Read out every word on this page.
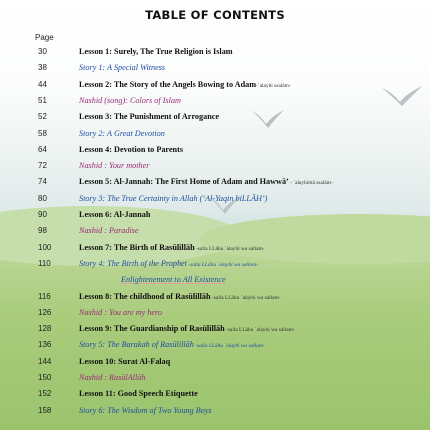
TABLE OF CONTENTS
Page
30	Lesson 1: Surely, The True Religion is Islam
38	Story 1: A Special Witness
44	Lesson 2: The Story of the Angels Bowing to Adam-`alayhi ssalām-
51	Nashid (song): Colors of Islam
52	Lesson 3: The Punishment of Arrogance
58	Story 2: A Great Devotion
64	Lesson 4: Devotion to Parents
72	Nashid : Your mother
74	Lesson 5: Al-Jannah: The First Home of Adam and Hawwā’ - `alayhimā ssalām-
80	Story 3: The True Certainty in Allah (‘Al-Yaqin biLLĀH’)
90	Lesson 6: Al-Jannah
98	Nashid : Paradise
100	Lesson 7: The Birth of Rasūlillāh -salla LLāhu `alayhi wa sallam-
110	Story 4: The Birth of the Prophet -salla LLāhu `alayhi wa sallam-:
Enlightenement to All Existence
116	Lesson 8: The childhood of Rasūlillāh -salla LLāhu `alayhi wa sallam-
126	Nashid : You are my hero
128	Lesson 9: The Guardianship of Rasūlillāh -salla LLāhu `alayhi wa sallam-
136	Story 5: The Barakah of Rasūlillāh -salla LLāhu `alayhi wa sallam-
144	Lesson 10: Surat Al-Falaq
150	Nashid : RasūlAllāh
152	Lesson 11: Good Speech Etiquette
158	Story 6: The Wisdom of Two Young Boys
